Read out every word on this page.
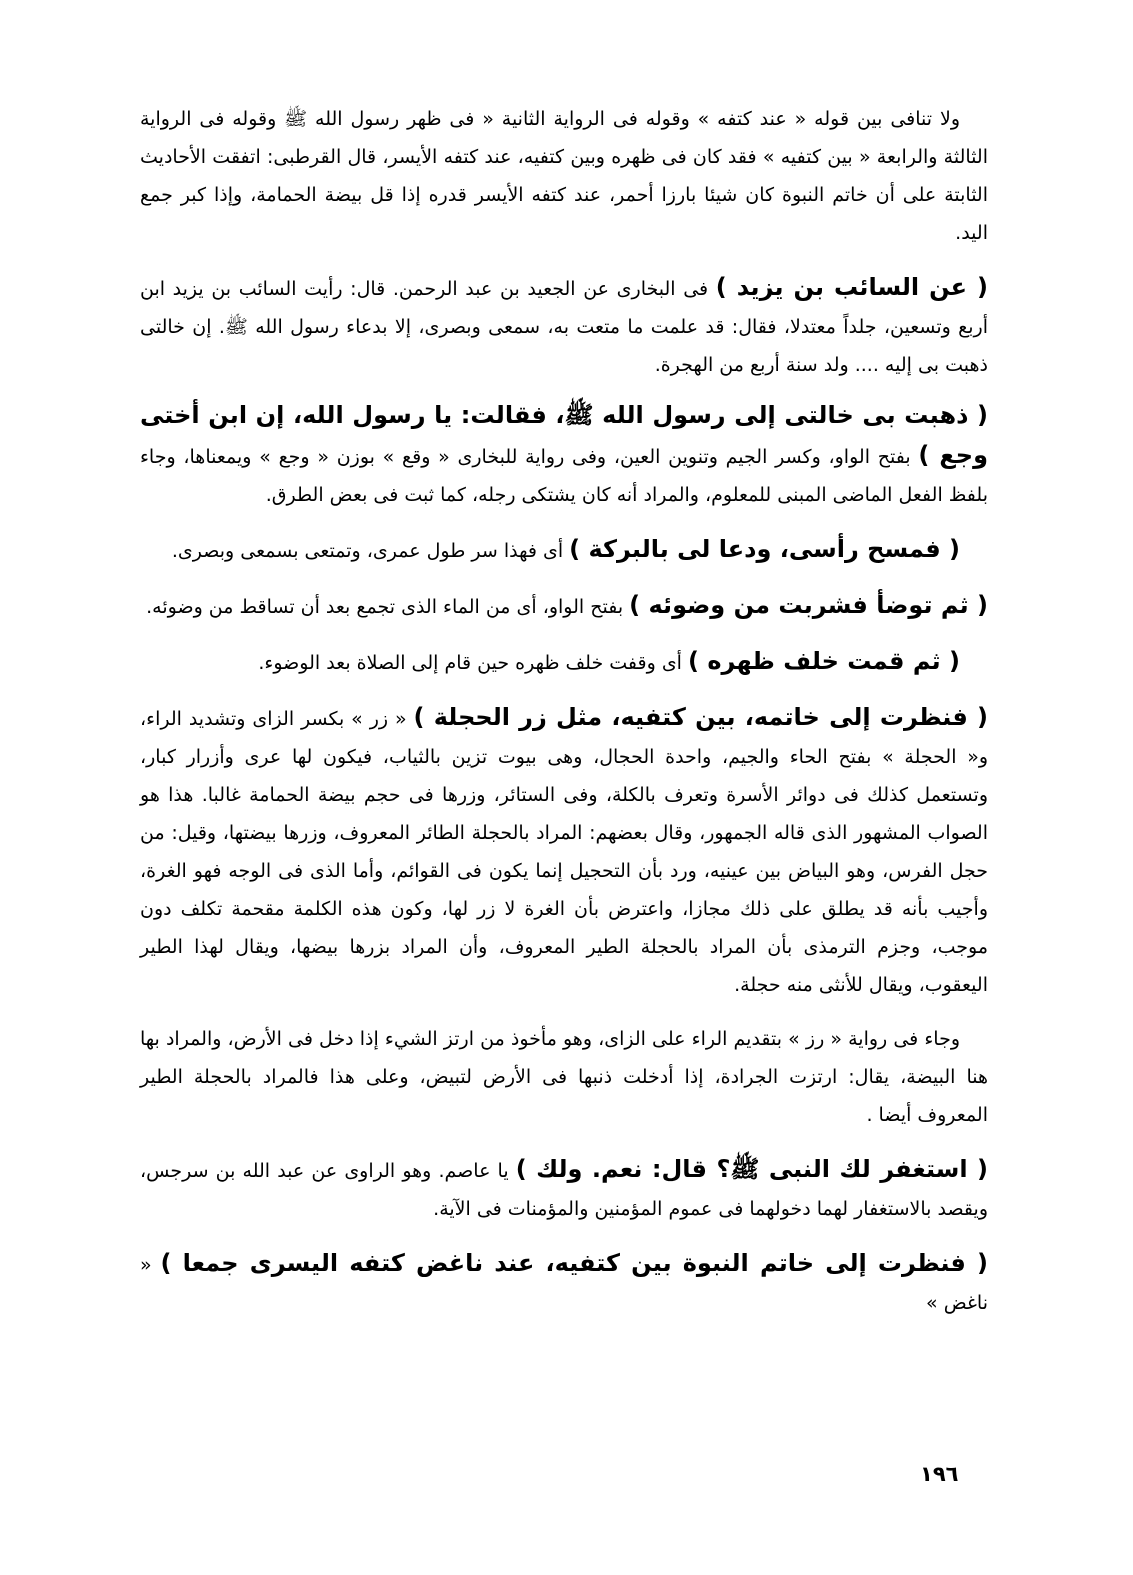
ولا تنافى بين قوله « عند كتفه » وقوله فى الرواية الثانية « فى ظهر رسول الله ﷺ وقوله فى الرواية الثالثة والرابعة « بين كتفيه » فقد كان فى ظهره وبين كتفيه، عند كتفه الأيسر، قال القرطبى: اتفقت الأحاديث الثابتة على أن خاتم النبوة كان شيئا بارزا أحمر، عند كتفه الأيسر قدره إذا قل بيضة الحمامة، وإذا كبر جمع اليد.

( عن السائب بن يزيد ) فى البخارى عن الجعيد بن عبد الرحمن. قال: رأيت السائب بن يزيد ابن أربع وتسعين، جلداً معتدلا، فقال: قد علمت ما متعت به، سمعى وبصرى، إلا بدعاء رسول الله ﷺ. إن خالتى ذهبت بى إليه .... ولد سنة أربع من الهجرة.

( ذهبت بى خالتى إلى رسول الله ﷺ، فقالت: يا رسول الله، إن ابن أختى وجع ) بفتح الواو، وكسر الجيم وتنوين العين، وفى رواية للبخارى « وقع » بوزن « وجع » ويمعناها، وجاء بلفظ الفعل الماضى المبنى للمعلوم، والمراد أنه كان يشتكى رجله، كما ثبت فى بعض الطرق.

( فمسح رأسى، ودعا لى بالبركة ) أى فهذا سر طول عمرى، وتمتعى بسمعى وبصرى.

( ثم توضأ فشربت من وضوئه ) بفتح الواو، أى من الماء الذى تجمع بعد أن تساقط من وضوئه.

( ثم قمت خلف ظهره ) أى وقفت خلف ظهره حين قام إلى الصلاة بعد الوضوء.

( فنظرت إلى خاتمه، بين كتفيه، مثل زر الحجلة ) « زر » بكسر الزاى وتشديد الراء، و« الحجلة » بفتح الحاء والجيم، واحدة الحجال، وهى بيوت تزين بالثياب، فيكون لها عرى وأزرار كبار، وتستعمل كذلك فى دوائر الأسرة وتعرف بالكلة، وفى الستائر، وزرها فى حجم بيضة الحمامة غالبا. هذا هو الصواب المشهور الذى قاله الجمهور، وقال بعضهم: المراد بالحجلة الطائر المعروف، وزرها بيضتها، وقيل: من حجل الفرس، وهو البياض بين عينيه، ورد بأن التحجيل إنما يكون فى القوائم، وأما الذى فى الوجه فهو الغرة، وأجيب بأنه قد يطلق على ذلك مجازا، واعترض بأن الغرة لا زر لها، وكون هذه الكلمة مقحمة تكلف دون موجب، وجزم الترمذى بأن المراد بالحجلة الطير المعروف، وأن المراد بزرها بيضها، ويقال لهذا الطير اليعقوب، ويقال للأنثى منه حجلة.

وجاء فى رواية « رز » بتقديم الراء على الزاى، وهو مأخوذ من ارتز الشيء إذا دخل فى الأرض، والمراد بها هنا البيضة، يقال: ارتزت الجرادة، إذا أدخلت ذنبها فى الأرض لتبيض، وعلى هذا فالمراد بالحجلة الطير المعروف أيضا .

( استغفر لك النبى ﷺ؟ قال: نعم. ولك ) يا عاصم. وهو الراوى عن عبد الله بن سرجس، ويقصد بالاستغفار لهما دخولهما فى عموم المؤمنين والمؤمنات فى الآية.

( فنظرت إلى خاتم النبوة بين كتفيه، عند ناغض كتفه اليسرى جمعا ) « ناغض »

١٩٦
